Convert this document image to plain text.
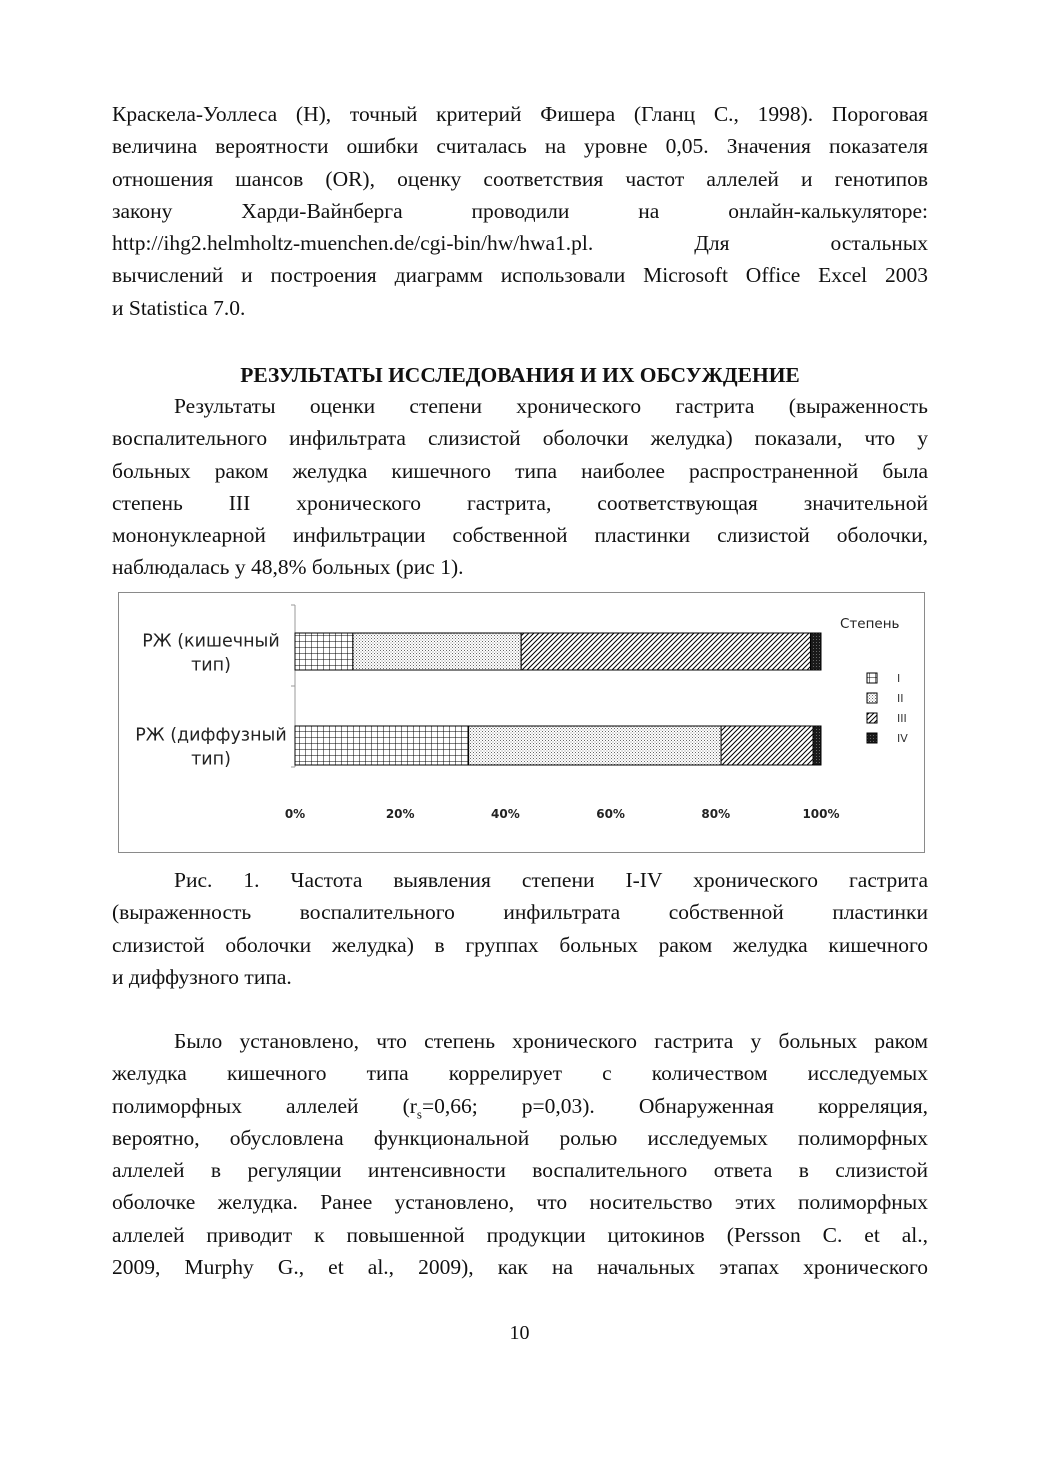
Краскела-Уоллеса (Н), точный критерий Фишера (Гланц С., 1998). Пороговая
величина вероятности ошибки считалась на уровне 0,05. Значения показателя
отношения шансов (OR), оценку соответствия частот аллелей и генотипов
закону Харди-Вайнберга проводили на онлайн-калькуляторе:
http://ihg2.helmholtz-muenchen.de/cgi-bin/hw/hwa1.pl. Для остальных
вычислений и построения диаграмм использовали Microsoft Office Excel 2003
и Statistica 7.0.
РЕЗУЛЬТАТЫ ИССЛЕДОВАНИЯ И ИХ ОБСУЖДЕНИЕ
Результаты оценки степени хронического гастрита (выраженность
воспалительного инфильтрата слизистой оболочки желудка) показали, что у
больных раком желудка кишечного типа наиболее распространенной была
степень III хронического гастрита, соответствующая значительной
мононуклеарной инфильтрации собственной пластинки слизистой оболочки,
наблюдалась у 48,8% больных (рис 1).
РЖ (кишечный
тип)
РЖ (диффузный
тип)
0%	20%	40%	60%	80%	100%
Степень
I
II
III
IV
Рис. 1. Частота выявления степени I-IV хронического гастрита
(выраженность воспалительного инфильтрата собственной пластинки
слизистой оболочки желудка) в группах больных раком желудка кишечного
и диффузного типа.
Было установлено, что степень хронического гастрита у больных раком
желудка кишечного типа коррелирует с количеством исследуемых
полиморфных аллелей ($r_s=0,66$; p=0,03). Обнаруженная корреляция,
вероятно, обусловлена функциональной ролью исследуемых полиморфных
аллелей в регуляции интенсивности воспалительного ответа в слизистой
оболочке желудка. Ранее установлено, что носительство этих полиморфных
аллелей приводит к повышенной продукции цитокинов (Persson C. et al.,
2009, Murphy G., et al., 2009), как на начальных этапах хронического
10
